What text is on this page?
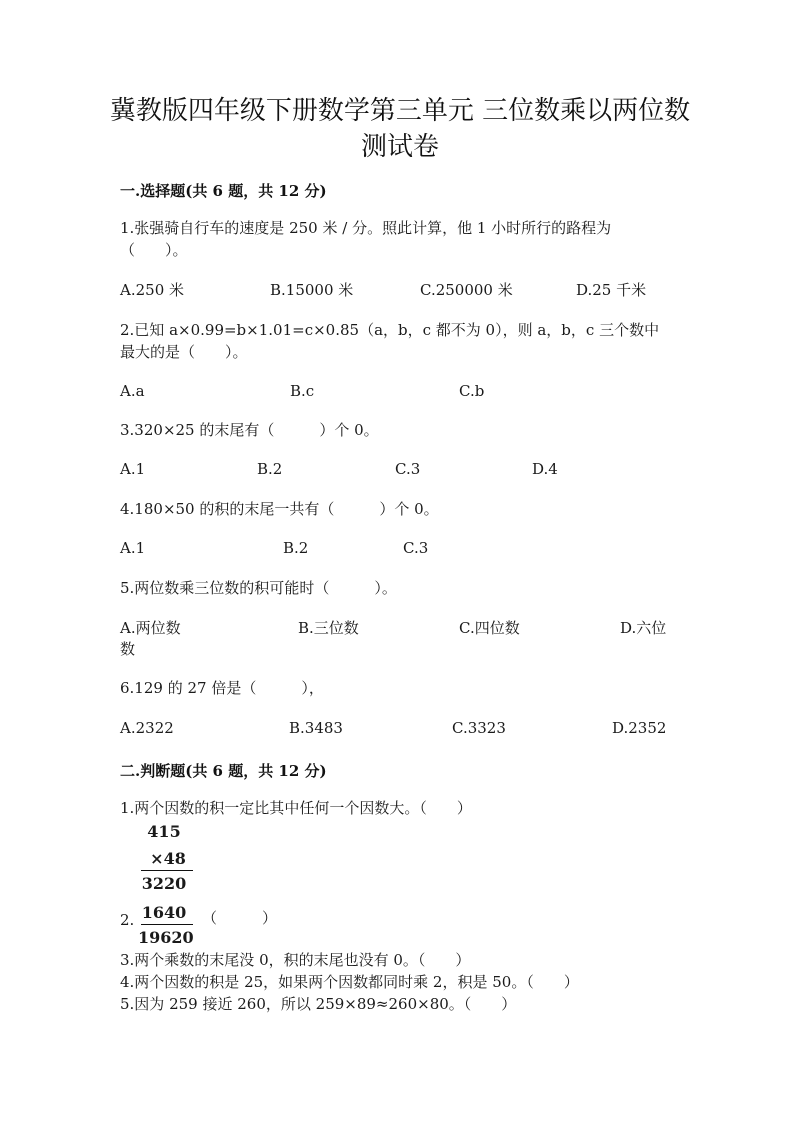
冀教版四年级下册数学第三单元 三位数乘以两位数
测试卷
一.选择题(共 6 题，共 12 分)
1.张强骑自行车的速度是 250 米 / 分。照此计算，他 1 小时所行的路程为
（　　）。
A.250 米	B.15000 米	C.250000 米	D.25 千米
2.已知 a×0.99=b×1.01=c×0.85（a，b，c 都不为 0），则 a，b，c 三个数中
最大的是（　　）。
A.a	B.c	C.b
3.320×25 的末尾有（　　　）个 0。
A.1	B.2	C.3	D.4
4.180×50 的积的末尾一共有（　　　）个 0。
A.1	B.2	C.3
5.两位数乘三位数的积可能时（　　　）。
A.两位数	B.三位数	C.四位数	D.六位
数
6.129 的 27 倍是（　　　），
A.2322	B.3483	C.3323	D.2352
二.判断题(共 6 题，共 12 分)
1.两个因数的积一定比其中任何一个因数大。（　　）
415
×48
3220
1640
19620
2.	（　　　）
3.两个乘数的末尾没 0，积的末尾也没有 0。（　　）
4.两个因数的积是 25，如果两个因数都同时乘 2，积是 50。（　　）
5.因为 259 接近 260，所以 259×89≈260×80。（　　）
